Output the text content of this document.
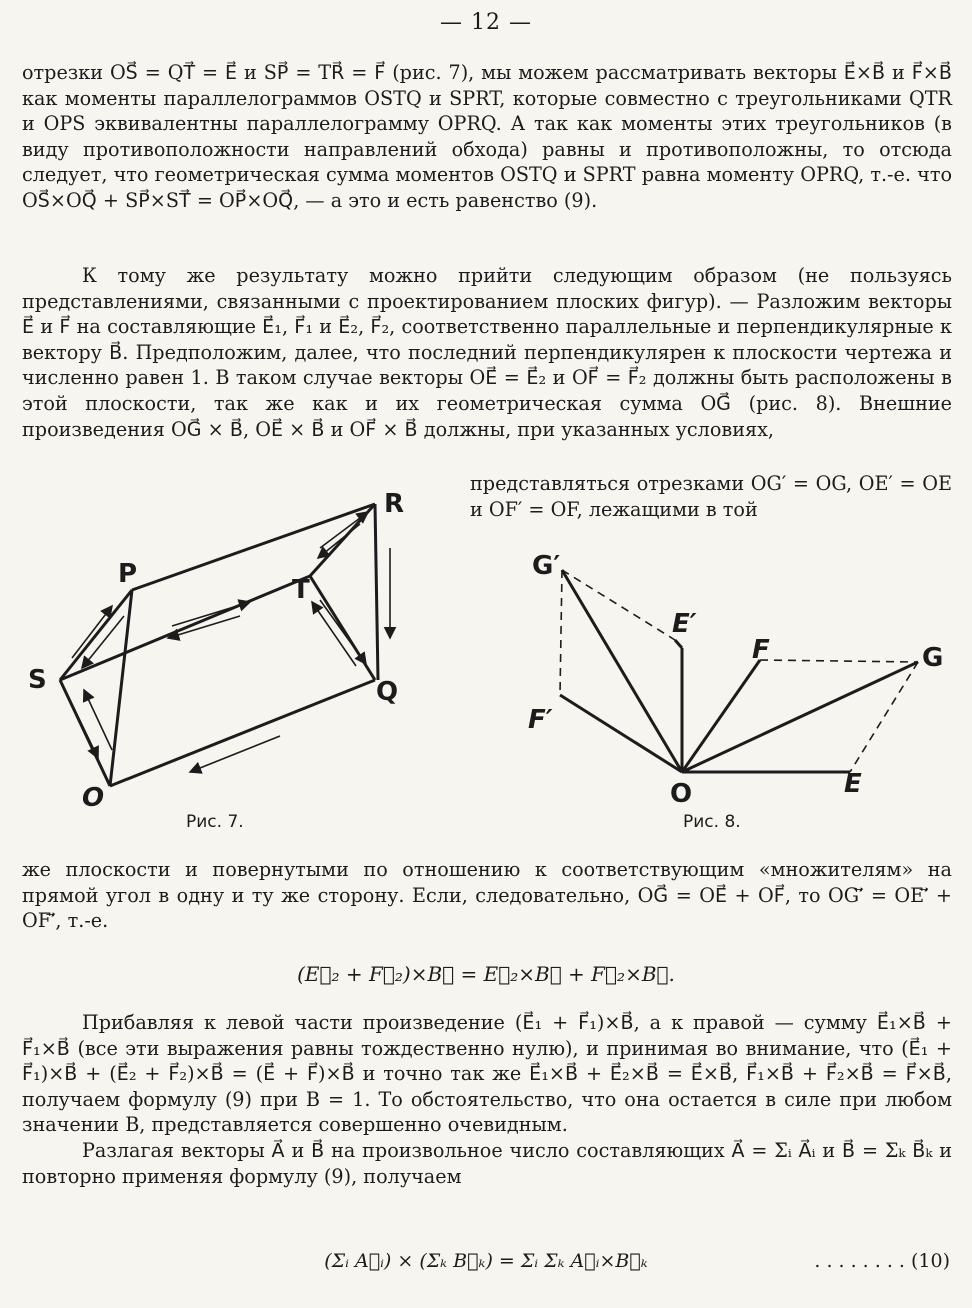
— 12 —

отрезки OS⃗ = QT⃗ = E⃗ и SP⃗ = TR⃗ = F⃗ (рис. 7), мы можем рассматривать векторы E⃗×B⃗ и F⃗×B⃗ как моменты параллелограммов OSTQ и SPRT, которые совместно с треугольниками QTR и OPS эквивалентны параллелограмму OPRQ. А так как моменты этих треугольников (в виду противоположности направлений обхода) равны и противоположны, то отсюда следует, что геометрическая сумма моментов OSTQ и SPRT равна моменту OPRQ, т.-е. что OS⃗×OQ⃗ + SP⃗×ST⃗ = OP⃗×OQ⃗, — а это и есть равенство (9).

К тому же результату можно прийти следующим образом (не пользуясь представлениями, связанными с проектированием плоских фигур). — Разложим векторы E⃗ и F⃗ на составляющие E⃗₁, F⃗₁ и E⃗₂, F⃗₂, соответственно параллельные и перпендикулярные к вектору B⃗. Предположим, далее, что последний перпендикулярен к плоскости чертежа и численно равен 1. В таком случае векторы OE⃗ = E⃗₂ и OF⃗ = F⃗₂ должны быть расположены в этой плоскости, так же как и их геометрическая сумма OG⃗ (рис. 8). Внешние произведения OG⃗ × B⃗, OE⃗ × B⃗ и OF⃗ × B⃗ должны, при указанных условиях,

представляться отрезками OG′ = OG, OE′ = OE и OF′ = OF, лежащими в той
O
S
P
R
T
Q
Рис. 7.
O	E
F	G
G′
E′
F′
Рис. 8.

же плоскости и повернутыми по отношению к соответствующим «множителям» на прямой угол в одну и ту же сторону. Если, следовательно, OG⃗ = OE⃗ + OF⃗, то OG′⃗ = OE′⃗ + OF′⃗, т.-е.

(E⃗₂ + F⃗₂)×B⃗ = E⃗₂×B⃗ + F⃗₂×B⃗.

Прибавляя к левой части произведение (E⃗₁ + F⃗₁)×B⃗, а к правой — сумму E⃗₁×B⃗ + F⃗₁×B⃗ (все эти выражения равны тождественно нулю), и принимая во внимание, что (E⃗₁ + F⃗₁)×B⃗ + (E⃗₂ + F⃗₂)×B⃗ = (E⃗ + F⃗)×B⃗ и точно так же E⃗₁×B⃗ + E⃗₂×B⃗ = E⃗×B⃗, F⃗₁×B⃗ + F⃗₂×B⃗ = F⃗×B⃗, получаем формулу (9) при B = 1. То обстоятельство, что она остается в силе при любом значении B, представляется совершенно очевидным.

Разлагая векторы A⃗ и B⃗ на произвольное число составляющих A⃗ = Σᵢ A⃗ᵢ и B⃗ = Σₖ B⃗ₖ и повторно применяя формулу (9), получаем

(Σᵢ A⃗ᵢ) × (Σₖ B⃗ₖ) = Σᵢ Σₖ A⃗ᵢ×B⃗ₖ	. . . . . . . . (10)
